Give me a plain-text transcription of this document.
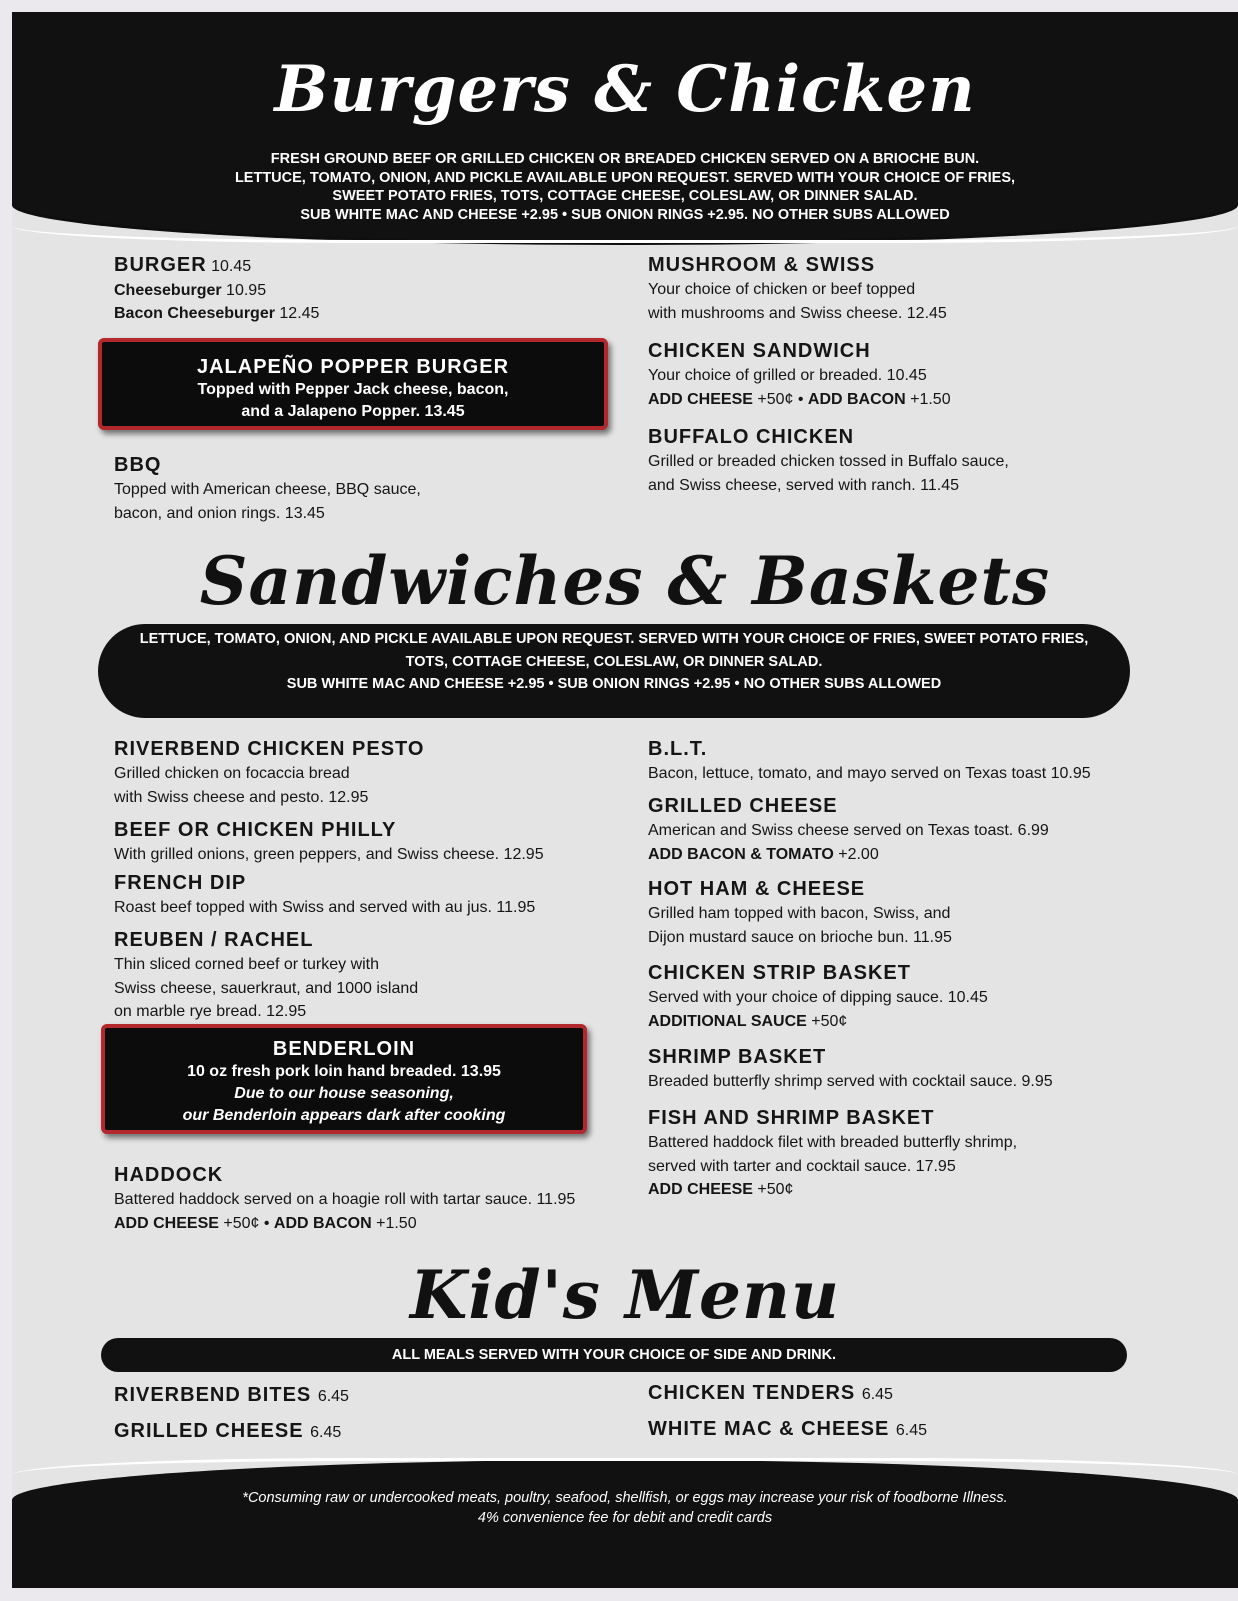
Burgers & Chicken
FRESH GROUND BEEF OR GRILLED CHICKEN OR BREADED CHICKEN SERVED ON A BRIOCHE BUN.
LETTUCE, TOMATO, ONION, AND PICKLE AVAILABLE UPON REQUEST. SERVED WITH YOUR CHOICE OF FRIES,
SWEET POTATO FRIES, TOTS, COTTAGE CHEESE, COLESLAW, OR DINNER SALAD.
SUB WHITE MAC AND CHEESE +2.95 • SUB ONION RINGS +2.95. NO OTHER SUBS ALLOWED
BURGER 10.45
Cheeseburger 10.95
Bacon Cheeseburger 12.45
JALAPEÑO POPPER BURGER
Topped with Pepper Jack cheese, bacon,
and a Jalapeno Popper. 13.45
BBQ
Topped with American cheese, BBQ sauce,
bacon, and onion rings. 13.45
MUSHROOM & SWISS
Your choice of chicken or beef topped
with mushrooms and Swiss cheese. 12.45
CHICKEN SANDWICH
Your choice of grilled or breaded. 10.45
ADD CHEESE +50¢ • ADD BACON +1.50
BUFFALO CHICKEN
Grilled or breaded chicken tossed in Buffalo sauce,
and Swiss cheese, served with ranch. 11.45
Sandwiches & Baskets
LETTUCE, TOMATO, ONION, AND PICKLE AVAILABLE UPON REQUEST. SERVED WITH YOUR CHOICE OF FRIES, SWEET POTATO FRIES,
TOTS, COTTAGE CHEESE, COLESLAW, OR DINNER SALAD.
SUB WHITE MAC AND CHEESE +2.95 • SUB ONION RINGS +2.95 • NO OTHER SUBS ALLOWED
RIVERBEND CHICKEN PESTO
Grilled chicken on focaccia bread
with Swiss cheese and pesto. 12.95
BEEF OR CHICKEN PHILLY
With grilled onions, green peppers, and Swiss cheese. 12.95
FRENCH DIP
Roast beef topped with Swiss and served with au jus. 11.95
REUBEN / RACHEL
Thin sliced corned beef or turkey with
Swiss cheese, sauerkraut, and 1000 island
on marble rye bread. 12.95
BENDERLOIN
10 oz fresh pork loin hand breaded. 13.95
Due to our house seasoning,
our Benderloin appears dark after cooking
HADDOCK
Battered haddock served on a hoagie roll with tartar sauce. 11.95
ADD CHEESE +50¢ • ADD BACON +1.50
B.L.T.
Bacon, lettuce, tomato, and mayo served on Texas toast 10.95
GRILLED CHEESE
American and Swiss cheese served on Texas toast. 6.99
ADD BACON & TOMATO +2.00
HOT HAM & CHEESE
Grilled ham topped with bacon, Swiss, and
Dijon mustard sauce on brioche bun. 11.95
CHICKEN STRIP BASKET
Served with your choice of dipping sauce. 10.45
ADDITIONAL SAUCE +50¢
SHRIMP BASKET
Breaded butterfly shrimp served with cocktail sauce. 9.95
FISH AND SHRIMP BASKET
Battered haddock filet with breaded butterfly shrimp,
served with tarter and cocktail sauce. 17.95
ADD CHEESE +50¢
Kid's Menu
ALL MEALS SERVED WITH YOUR CHOICE OF SIDE AND DRINK.
RIVERBEND BITES 6.45
GRILLED CHEESE 6.45
CHICKEN TENDERS 6.45
WHITE MAC & CHEESE 6.45
*Consuming raw or undercooked meats, poultry, seafood, shellfish, or eggs may increase your risk of foodborne Illness.
4% convenience fee for debit and credit cards
